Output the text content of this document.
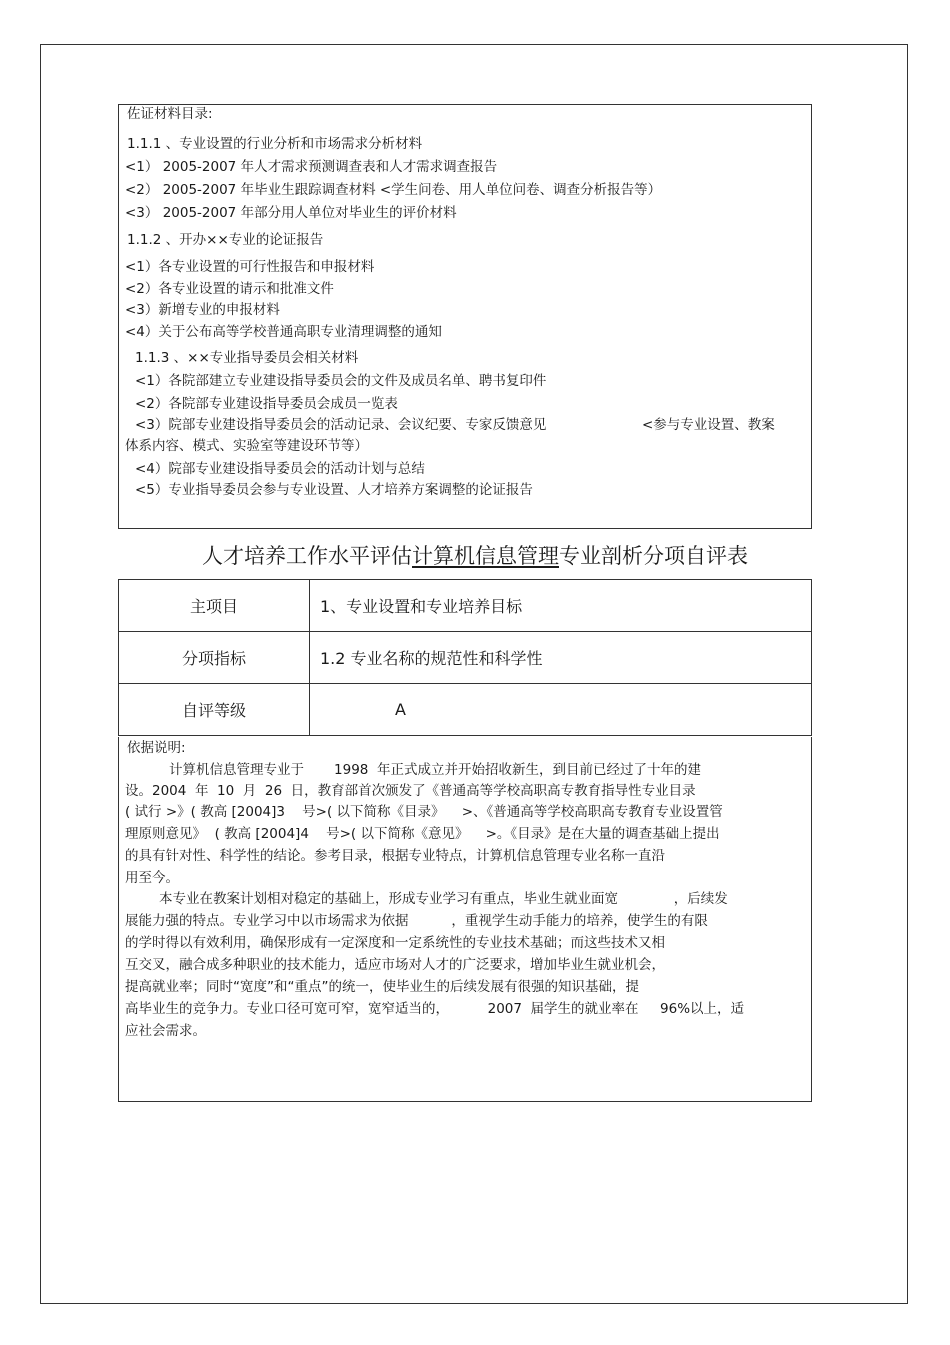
佐证材料目录:
1.1.1 、专业设置的行业分析和市场需求分析材料
<1） 2005-2007 年人才需求预测调查表和人才需求调查报告
<2） 2005-2007 年毕业生跟踪调查材料 <学生问卷、用人单位问卷、调查分析报告等）
<3） 2005-2007 年部分用人单位对毕业生的评价材料
1.1.2 、开办××专业的论证报告
<1）各专业设置的可行性报告和申报材料
<2）各专业设置的请示和批准文件
<3）新增专业的申报材料
<4）关于公布高等学校普通高职专业清理调整的通知
1.1.3 、××专业指导委员会相关材料
<1）各院部建立专业建设指导委员会的文件及成员名单、聘书复印件
<2）各院部专业建设指导委员会成员一览表
<3）院部专业建设指导委员会的活动记录、会议纪要、专家反馈意见	<参与专业设置、教案
体系内容、模式、实验室等建设环节等）
<4）院部专业建设指导委员会的活动计划与总结
<5）专业指导委员会参与专业设置、人才培养方案调整的论证报告
人才培养工作水平评估计算机信息管理专业剖析分项自评表
主项目	1、专业设置和专业培养目标
分项指标	1.2 专业名称的规范性和科学性
自评等级	A
依据说明:
计算机信息管理专业于       1998  年正式成立并开始招收新生，到目前已经过了十年的建
设。2004  年  10  月  26  日，教育部首次颁发了《普通高等学校高职高专教育指导性专业目录
( 试行 >》( 教高 [2004]3    号>( 以下简称《目录》    >、《普通高等学校高职高专教育专业设置管
理原则意见》  ( 教高 [2004]4    号>( 以下简称《意见》    >。《目录》是在大量的调查基础上提出
的具有针对性、科学性的结论。参考目录，根据专业特点，计算机信息管理专业名称一直沿
用至今。
本专业在教案计划相对稳定的基础上，形成专业学习有重点，毕业生就业面宽             ，后续发
展能力强的特点。专业学习中以市场需求为依据          ，重视学生动手能力的培养，使学生的有限
的学时得以有效利用，确保形成有一定深度和一定系统性的专业技术基础；而这些技术又相
互交叉，融合成多种职业的技术能力，适应市场对人才的广泛要求，增加毕业生就业机会，
提高就业率；同时“宽度”和“重点”的统一，使毕业生的后续发展有很强的知识基础，提
高毕业生的竞争力。专业口径可宽可窄，宽窄适当的，         2007  届学生的就业率在     96%以上，适
应社会需求。
